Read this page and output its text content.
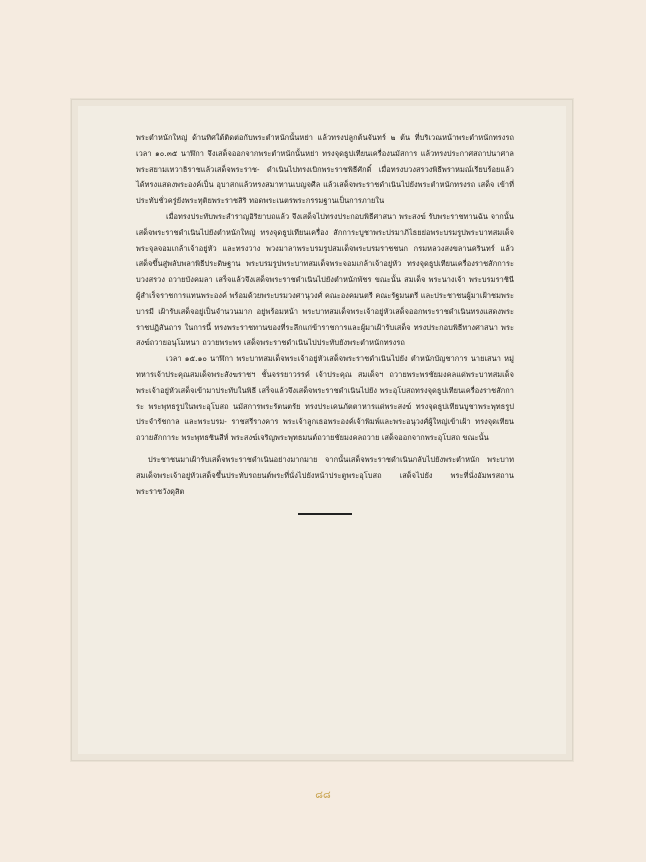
พระตำหนักใหญ่ ด้านทิศใต้ติดต่อกับพระตำหนักนั้นหย่า แล้วทรงปลูกต้นจันทร์ ๒ ต้น ที่บริเวณหน้าพระตำหนักทรงรถ เวลา ๑๐.๓๕ นาฬิกา จึงเสด็จออกจากพระตำหนักนั้นหย่า ทรงจุดธูปเทียนเครื่องนมัสการ แล้วทรงประกาศสถาปนาศาลพระสยามเทวาธิราชแล้วเสด็จพระราช- ดำเนินไปทรงเบิกพระราชพิธีศักดิ์ เมื่อทรงบวงสรวงพิธีพราหมณ์เรียบร้อยแล้ว ได้ทรงแสดงพระองค์เป็น อุบาสกแล้วทรงสมาทานเบญจศีล แล้วเสด็จพระราชดำเนินไปยังพระตำหนักทรงรถ เสด็จ เข้าที่ประทับชั่วครู่ยังพระทุติยพระราชสิริ ทอดพระเนตรพระกรรมฐานเป็นการภายใน

เมื่อทรงประทับพระสำราญอิริยาบถแล้ว จึงเสด็จไปทรงประกอบพิธีศาสนา พระสงฆ์ รับพระราชทานฉัน จากนั้นเสด็จพระราชดำเนินไปยังตำหนักใหญ่ ทรงจุดธูปเทียนเครื่อง สักการะบูชาพระปรมาภิไธยย่อพระบรมรูปพระบาทสมเด็จพระจุลจอมเกล้าเจ้าอยู่หัว และทรงวาง พวงมาลาพระบรมรูปสมเด็จพระบรมราชชนก กรมหลวงสงขลานครินทร์ แล้วเสด็จขึ้นสู่พลับพลาพิธีประดิษฐาน พระบรมรูปพระบาทสมเด็จพระจอมเกล้าเจ้าอยู่หัว ทรงจุดธูปเทียนเครื่องราชสักการะบวงสรวง ถวายบังคมลา เสร็จแล้วจึงเสด็จพระราชดำเนินไปยังตำหนักพัชร ขณะนั้น สมเด็จ พระนางเจ้า พระบรมราชินี ผู้สำเร็จราชการแทนพระองค์ พร้อมด้วยพระบรมวงศานุวงศ์ คณะองคมนตรี คณะรัฐมนตรี และประชาชนผู้มาเฝ้าชมพระบารมี เฝ้ารับเสด็จอยู่เป็นจำนวนมาก อยู่พร้อมหน้า พระบาทสมเด็จพระเจ้าอยู่หัวเสด็จออกพระราชดำเนินทรงแสดงพระราชปฏิสันถาร ในการนี้ ทรงพระราชทานของที่ระลึกแก่ข้าราชการและผู้มาเฝ้ารับเสด็จ ทรงประกอบพิธีทางศาสนา พระสงฆ์ถวายอนุโมทนา ถวายพระพร เสด็จพระราชดำเนินไปประทับยังพระตำหนักทรงรถ

เวลา ๑๕.๑๐ นาฬิกา พระบาทสมเด็จพระเจ้าอยู่หัวเสด็จพระราชดำเนินไปยัง ตำหนักบัญชาการ นายเสนา หมู่ทหารเจ้าประคุณสมเด็จพระสังฆราชฯ ชั้นจรรยาวรรค์ เจ้าประคุณ สมเด็จฯ ถวายพระพรชัยมงคลแด่พระบาทสมเด็จพระเจ้าอยู่หัวเสด็จเข้ามาประทับในพิธี เสร็จแล้วจึงเสด็จพระราชดำเนินไปยัง พระอุโบสถทรงจุดธูปเทียนเครื่องราชสักการะ พระพุทธรูปในพระอุโบสถ นมัสการพระรัตนตรัย ทรงประเคนภัตตาหารแด่พระสงฆ์ ทรงจุดธูปเทียนบูชาพระพุทธรูปประจำรัชกาล และพระบรม- ราชสรีรางคาร พระเจ้าลูกเธอพระองค์เจ้าพิมพ์และพระอนุวงศ์ผู้ใหญ่เข้าเฝ้า ทรงจุดเทียนถวายสักการะ พระพุทธชินสีห์ พระสงฆ์เจริญพระพุทธมนต์ถวายชัยมงคลถวาย เสด็จออกจากพระอุโบสถ ขณะนั้น

ประชาชนมาเฝ้ารับเสด็จพระราชดำเนินอย่างมากมาย จากนั้นเสด็จพระราชดำเนินกลับไปยังพระตำหนัก พระบาทสมเด็จพระเจ้าอยู่หัวเสด็จขึ้นประทับรถยนต์พระที่นั่งไปยังหน้าประตูพระอุโบสถ เสด็จไปยัง พระที่นั่งอัมพรสถาน พระราชวังดุสิต

๘๘
